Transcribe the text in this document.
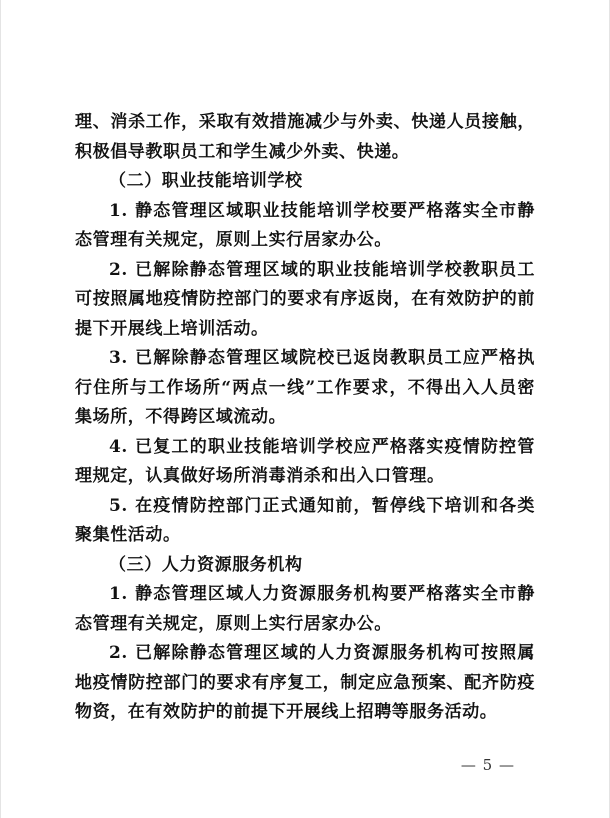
理、消杀工作，采取有效措施减少与外卖、快递人员接触，积极倡导教职员工和学生减少外卖、快递。

（二）职业技能培训学校

1. 静态管理区域职业技能培训学校要严格落实全市静态管理有关规定，原则上实行居家办公。

2. 已解除静态管理区域的职业技能培训学校教职员工可按照属地疫情防控部门的要求有序返岗，在有效防护的前提下开展线上培训活动。

3. 已解除静态管理区域院校已返岗教职员工应严格执行住所与工作场所“两点一线”工作要求，不得出入人员密集场所，不得跨区域流动。

4. 已复工的职业技能培训学校应严格落实疫情防控管理规定，认真做好场所消毒消杀和出入口管理。

5. 在疫情防控部门正式通知前，暂停线下培训和各类聚集性活动。

（三）人力资源服务机构

1. 静态管理区域人力资源服务机构要严格落实全市静态管理有关规定，原则上实行居家办公。

2. 已解除静态管理区域的人力资源服务机构可按照属地疫情防控部门的要求有序复工，制定应急预案、配齐防疫物资，在有效防护的前提下开展线上招聘等服务活动。

— 5 —
